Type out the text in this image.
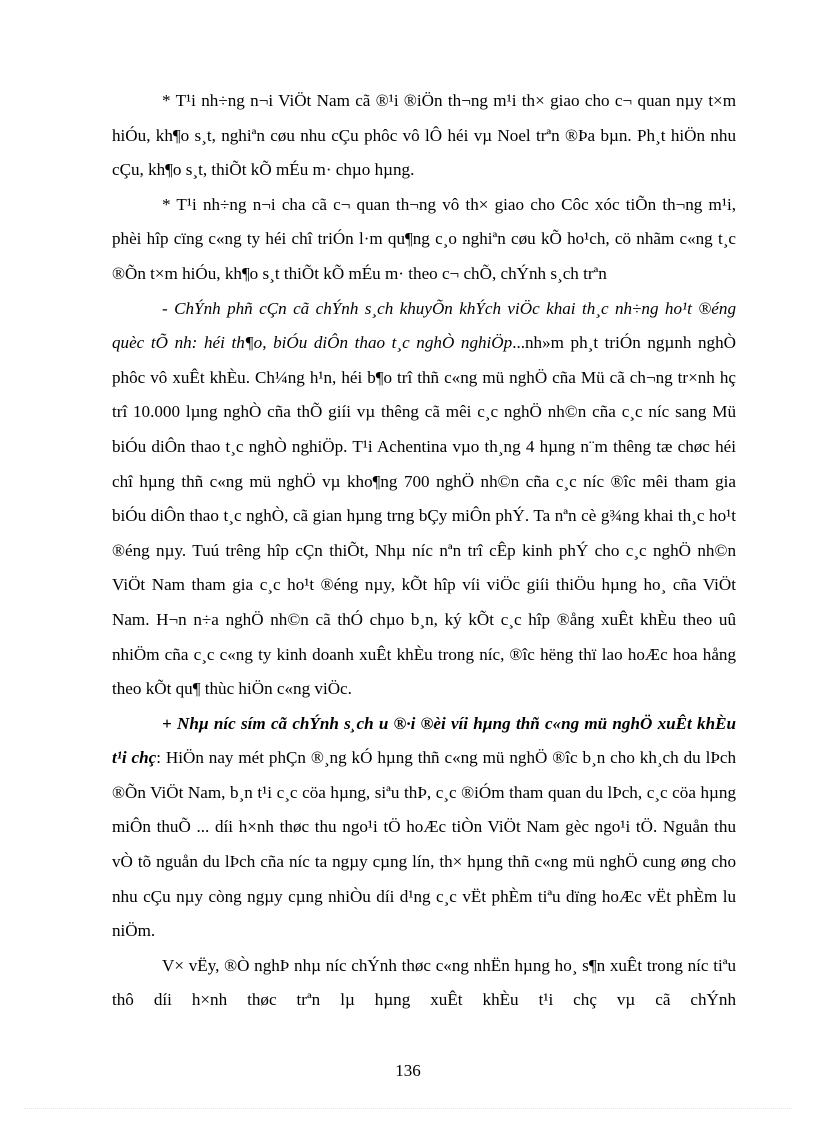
* T¹i nh÷ng n¬i ViÖt Nam cã ®¹i ®iÖn th¬ng m¹i th× giao cho c¬ quan nµy t×m hiÓu, kh¶o s¸t, nghiªn cøu nhu cÇu phôc vô lÔ héi vµ Noel trªn ®Þa bµn. Ph¸t hiÖn nhu cÇu, kh¶o s¸t, thiÕt kÕ mÉu m· chµo hµng.

* T¹i nh÷ng n¬i cha cã c¬ quan th¬ng vô th× giao cho Côc xóc tiÕn th¬ng m¹i, phèi hîp cïng c«ng ty héi chî triÓn l·m qu¶ng c¸o nghiªn cøu kÕ ho¹ch, cö nhãm c«ng t¸c ®Õn t×m hiÓu, kh¶o s¸t thiÕt kÕ mÉu m· theo c¬ chÕ, chÝnh s¸ch trªn

- ChÝnh phñ cÇn cã chÝnh s¸ch khuyÕn khÝch viÖc khai th¸c nh÷ng ho¹t ®éng quèc tÕ nh: héi th¶o, biÓu diÔn thao t¸c nghÒ nghiÖp...nh»m ph¸t triÓn ngµnh nghÒ phôc vô xuÊt khÈu. Ch¼ng h¹n, héi b¶o trî thñ c«ng mü nghÖ cña Mü cã ch¬ng tr×nh hç trî 10.000 lµng nghÒ cña thÕ giíi vµ thêng cã mêi c¸c nghÖ nh©n cña c¸c níc sang Mü biÓu diÔn thao t¸c nghÒ nghiÖp. T¹i Achentina vµo th¸ng 4 hµng n¨m thêng tæ chøc héi chî hµng thñ c«ng mü nghÖ vµ kho¶ng 700 nghÖ nh©n cña c¸c níc ®îc mêi tham gia biÓu diÔn thao t¸c nghÒ, cã gian hµng trng bÇy miÔn phÝ. Ta nªn cè g¾ng khai th¸c ho¹t ®éng nµy. Tuú trêng hîp cÇn thiÕt, Nhµ níc nªn trî cÊp kinh phÝ cho c¸c nghÖ nh©n ViÖt Nam tham gia c¸c ho¹t ®éng nµy, kÕt hîp víi viÖc giíi thiÖu hµng ho¸ cña ViÖt Nam. H¬n n÷a nghÖ nh©n cã thÓ chµo b¸n, ký kÕt c¸c hîp ®ång xuÊt khÈu theo uû nhiÖm cña c¸c c«ng ty kinh doanh xuÊt khÈu trong níc, ®îc hëng thï lao hoÆc hoa hång theo kÕt qu¶ thùc hiÖn c«ng viÖc.

+ Nhµ níc sím cã chÝnh s¸ch u ®·i ®èi víi hµng thñ c«ng mü nghÖ xuÊt khÈu t¹i chç: HiÖn nay mét phÇn ®¸ng kÓ hµng thñ c«ng mü nghÖ ®îc b¸n cho kh¸ch du lÞch ®Õn ViÖt Nam, b¸n t¹i c¸c cöa hµng, siªu thÞ, c¸c ®iÓm tham quan du lÞch, c¸c cöa hµng miÔn thuÕ ... díi h×nh thøc thu ngo¹i tÖ hoÆc tiÒn ViÖt Nam gèc ngo¹i tÖ. Nguån thu vÒ tõ nguån du lÞch cña níc ta ngµy cµng lín, th× hµng thñ c«ng mü nghÖ cung øng cho nhu cÇu nµy còng ngµy cµng nhiÒu díi d¹ng c¸c vËt phÈm tiªu dïng hoÆc vËt phÈm lu niÖm.

V× vËy, ®Ò nghÞ nhµ níc chÝnh thøc c«ng nhËn hµng ho¸ s¶n xuÊt trong níc tiªu thô díi h×nh thøc trªn lµ hµng xuÊt khÈu t¹i chç vµ cã chÝnh

136
